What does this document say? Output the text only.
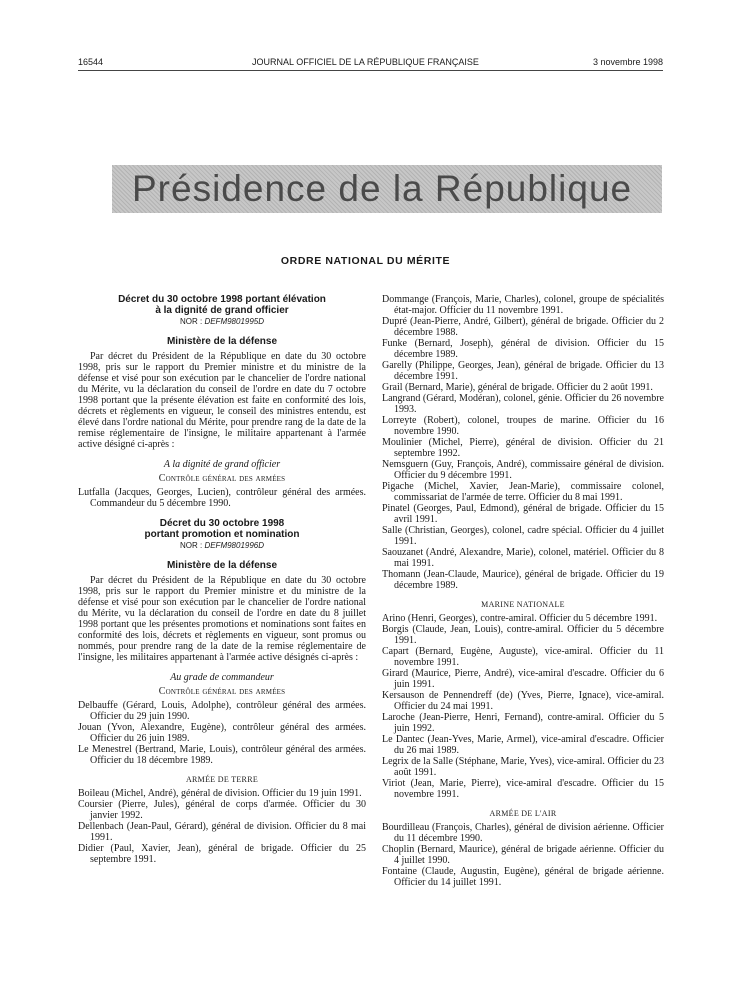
16544	JOURNAL OFFICIEL DE LA RÉPUBLIQUE FRANÇAISE	3 novembre 1998
Présidence de la République
ORDRE NATIONAL DU MÉRITE
Décret du 30 octobre 1998 portant élévation
à la dignité de grand officier
NOR : DEFM9801995D
Ministère de la défense
Par décret du Président de la République en date du 30 octobre 1998, pris sur le rapport du Premier ministre et du ministre de la défense et visé pour son exécution par le chancelier de l'ordre national du Mérite, vu la déclaration du conseil de l'ordre en date du 7 octobre 1998 portant que la présente élévation est faite en conformité des lois, décrets et règlements en vigueur, le conseil des ministres entendu, est élevé dans l'ordre national du Mérite, pour prendre rang de la date de la remise réglementaire de l'insigne, le militaire appartenant à l'armée active désigné ci-après :
A la dignité de grand officier
Contrôle général des armées
Lutfalla (Jacques, Georges, Lucien), contrôleur général des armées. Commandeur du 5 décembre 1990.
Décret du 30 octobre 1998
portant promotion et nomination
NOR : DEFM9801996D
Ministère de la défense
Par décret du Président de la République en date du 30 octobre 1998, pris sur le rapport du Premier ministre et du ministre de la défense et visé pour son exécution par le chancelier de l'ordre national du Mérite, vu la déclaration du conseil de l'ordre en date du 8 juillet 1998 portant que les présentes promotions et nominations sont faites en conformité des lois, décrets et règlements en vigueur, sont promus ou nommés, pour prendre rang de la date de la remise réglementaire de l'insigne, les militaires appartenant à l'armée active désignés ci-après :
Au grade de commandeur
Contrôle général des armées
Delbauffe (Gérard, Louis, Adolphe), contrôleur général des armées. Officier du 29 juin 1990.
Jouan (Yvon, Alexandre, Eugène), contrôleur général des armées. Officier du 26 juin 1989.
Le Menestrel (Bertrand, Marie, Louis), contrôleur général des armées. Officier du 18 décembre 1989.
ARMÉE DE TERRE
Boileau (Michel, André), général de division. Officier du 19 juin 1991.
Coursier (Pierre, Jules), général de corps d'armée. Officier du 30 janvier 1992.
Dellenbach (Jean-Paul, Gérard), général de division. Officier du 8 mai 1991.
Didier (Paul, Xavier, Jean), général de brigade. Officier du 25 septembre 1991.
Dommange (François, Marie, Charles), colonel, groupe de spécialités état-major. Officier du 11 novembre 1991.
Dupré (Jean-Pierre, André, Gilbert), général de brigade. Officier du 2 décembre 1988.
Funke (Bernard, Joseph), général de division. Officier du 15 décembre 1989.
Garelly (Philippe, Georges, Jean), général de brigade. Officier du 13 décembre 1991.
Grail (Bernard, Marie), général de brigade. Officier du 2 août 1991.
Langrand (Gérard, Modéran), colonel, génie. Officier du 26 novembre 1993.
Lorreyte (Robert), colonel, troupes de marine. Officier du 16 novembre 1990.
Moulinier (Michel, Pierre), général de division. Officier du 21 septembre 1992.
Nemsguern (Guy, François, André), commissaire général de division. Officier du 9 décembre 1991.
Pigache (Michel, Xavier, Jean-Marie), commissaire colonel, commissariat de l'armée de terre. Officier du 8 mai 1991.
Pinatel (Georges, Paul, Edmond), général de brigade. Officier du 15 avril 1991.
Salle (Christian, Georges), colonel, cadre spécial. Officier du 4 juillet 1991.
Saouzanet (André, Alexandre, Marie), colonel, matériel. Officier du 8 mai 1991.
Thomann (Jean-Claude, Maurice), général de brigade. Officier du 19 décembre 1989.
MARINE NATIONALE
Arino (Henri, Georges), contre-amiral. Officier du 5 décembre 1991.
Borgis (Claude, Jean, Louis), contre-amiral. Officier du 5 décembre 1991.
Capart (Bernard, Eugène, Auguste), vice-amiral. Officier du 11 novembre 1991.
Girard (Maurice, Pierre, André), vice-amiral d'escadre. Officier du 6 juin 1991.
Kersauson de Pennendreff (de) (Yves, Pierre, Ignace), vice-amiral. Officier du 24 mai 1991.
Laroche (Jean-Pierre, Henri, Fernand), contre-amiral. Officier du 5 juin 1992.
Le Dantec (Jean-Yves, Marie, Armel), vice-amiral d'escadre. Officier du 26 mai 1989.
Legrix de la Salle (Stéphane, Marie, Yves), vice-amiral. Officier du 23 août 1991.
Viriot (Jean, Marie, Pierre), vice-amiral d'escadre. Officier du 15 novembre 1991.
ARMÉE DE L'AIR
Bourdilleau (François, Charles), général de division aérienne. Officier du 11 décembre 1990.
Choplin (Bernard, Maurice), général de brigade aérienne. Officier du 4 juillet 1990.
Fontaine (Claude, Augustin, Eugène), général de brigade aérienne. Officier du 14 juillet 1991.
